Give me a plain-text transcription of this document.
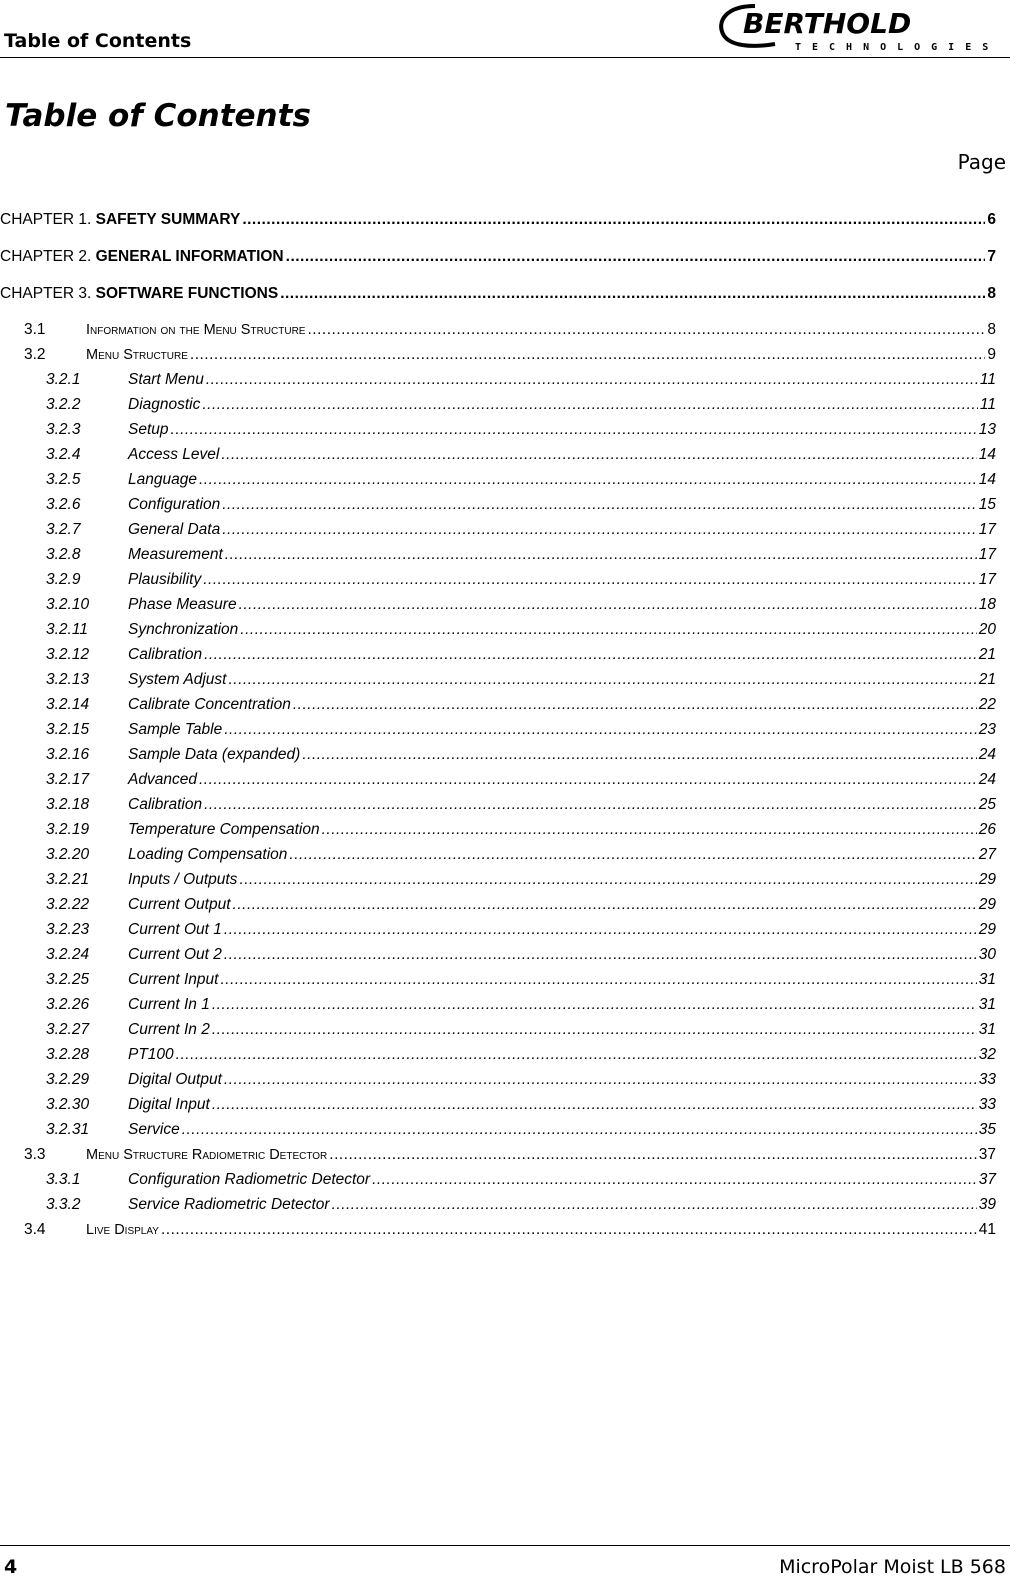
Table of Contents
BERTHOLD
TECHNOLOGIES
Table of Contents
Page
CHAPTER 1. SAFETY SUMMARY .....	6
CHAPTER 2. GENERAL INFORMATION .....	7
CHAPTER 3. SOFTWARE FUNCTIONS .....	8
3.1	Information on the Menu Structure .....	8
3.2	Menu Structure .....	9
3.2.1	Start Menu .....	11
3.2.2	Diagnostic .....	11
3.2.3	Setup .....	13
3.2.4	Access Level .....	14
3.2.5	Language .....	14
3.2.6	Configuration .....	15
3.2.7	General Data .....	17
3.2.8	Measurement .....	17
3.2.9	Plausibility .....	17
3.2.10	Phase Measure .....	18
3.2.11	Synchronization .....	20
3.2.12	Calibration .....	21
3.2.13	System Adjust .....	21
3.2.14	Calibrate Concentration .....	22
3.2.15	Sample Table .....	23
3.2.16	Sample Data (expanded) .....	24
3.2.17	Advanced .....	24
3.2.18	Calibration .....	25
3.2.19	Temperature Compensation .....	26
3.2.20	Loading Compensation .....	27
3.2.21	Inputs / Outputs .....	29
3.2.22	Current Output .....	29
3.2.23	Current Out 1 .....	29
3.2.24	Current Out 2 .....	30
3.2.25	Current Input .....	31
3.2.26	Current In 1 .....	31
3.2.27	Current In 2 .....	31
3.2.28	PT100 .....	32
3.2.29	Digital Output .....	33
3.2.30	Digital Input .....	33
3.2.31	Service .....	35
3.3	Menu Structure Radiometric Detector .....	37
3.3.1	Configuration Radiometric Detector .....	37
3.3.2	Service Radiometric Detector .....	39
3.4	Live Display .....	41
4	MicroPolar Moist LB 568
